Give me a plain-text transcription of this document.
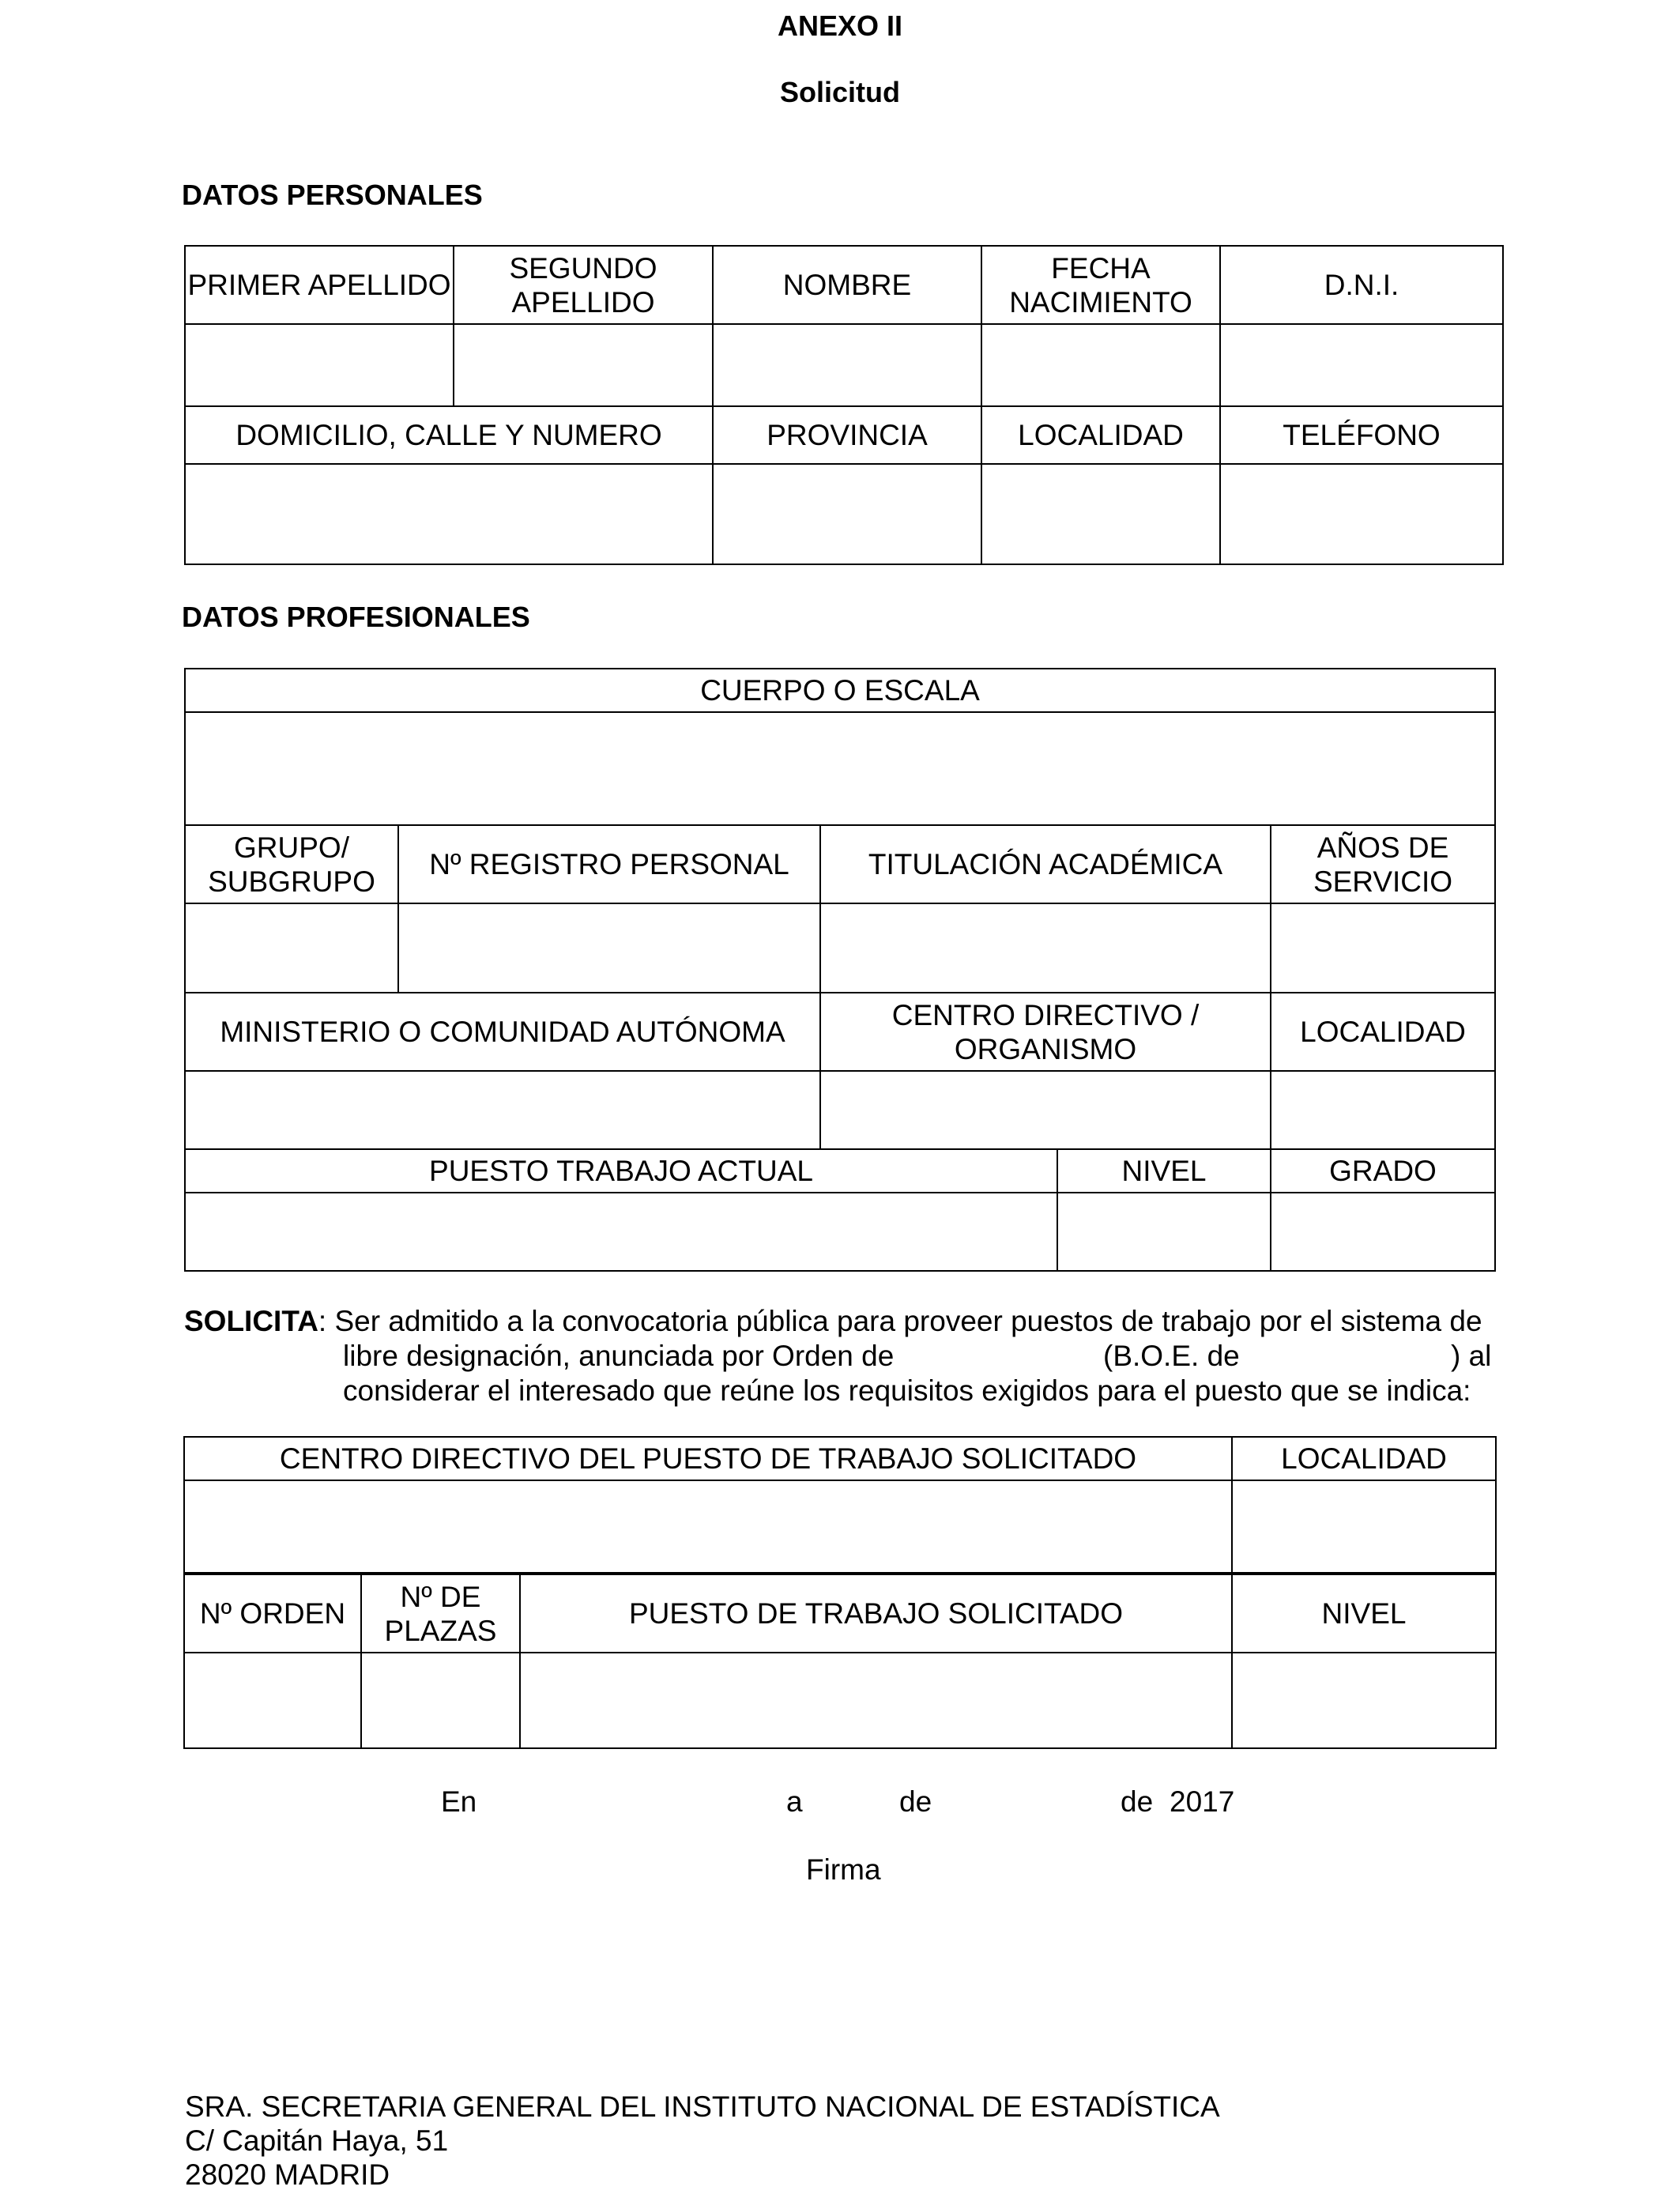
ANEXO II
Solicitud
DATOS PERSONALES
PRIMER APELLIDO	SEGUNDO APELLIDO	NOMBRE	FECHA NACIMIENTO	D.N.I.

DOMICILIO, CALLE Y NUMERO		PROVINCIA	LOCALIDAD	TELÉFONO

DATOS PROFESIONALES
CUERPO O ESCALA			

GRUPO/ SUBGRUPO	Nº REGISTRO PERSONAL	TITULACIÓN ACADÉMICA	AÑOS DE SERVICIO

MINISTERIO O COMUNIDAD AUTÓNOMA		CENTRO DIRECTIVO / ORGANISMO	LOCALIDAD

PUESTO TRABAJO ACTUAL	NIVEL	GRADO

SOLICITA: Ser admitido a la convocatoria pública para proveer puestos de trabajo por el sistema de
libre designación, anunciada por Orden de	(B.O.E. de	) al
considerar el interesado que reúne los requisitos exigidos para el puesto que se indica:
CENTRO DIRECTIVO DEL PUESTO DE TRABAJO SOLICITADO	LOCALIDAD

Nº ORDEN	Nº DE PLAZAS	PUESTO DE TRABAJO SOLICITADO	NIVEL

En	a	de	de 2017
Firma
SRA. SECRETARIA GENERAL DEL INSTITUTO NACIONAL DE ESTADÍSTICA
C/ Capitán Haya, 51
28020 MADRID
